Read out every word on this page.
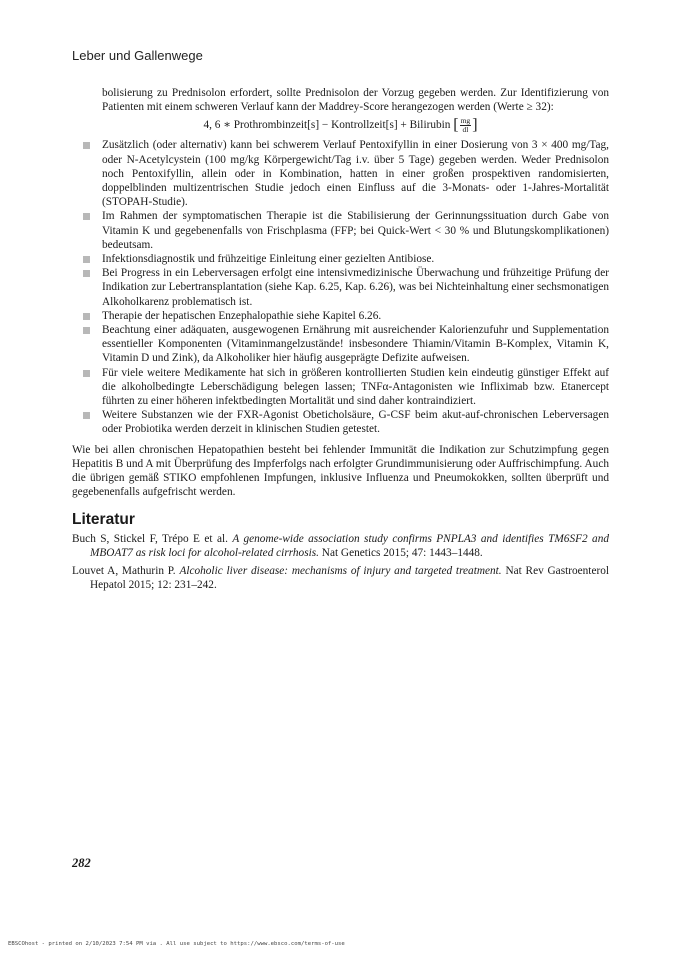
Leber und Gallenwege
bolisierung zu Prednisolon erfordert, sollte Prednisolon der Vorzug gegeben werden. Zur Identifizierung von Patienten mit einem schweren Verlauf kann der Maddrey-Score herangezogen werden (Werte ≥ 32):
4, 6 ∗ Prothrombinzeit[s] − Kontrollzeit[s] + Bilirubin [ $\frac{mg}{dl}$ ]
Zusätzlich (oder alternativ) kann bei schwerem Verlauf Pentoxifyllin in einer Dosierung von 3 × 400 mg/Tag, oder N-Acetylcystein (100 mg/kg Körpergewicht/Tag i.v. über 5 Tage) gegeben werden. Weder Prednisolon noch Pentoxifyllin, allein oder in Kombination, hatten in einer großen prospektiven randomisierten, doppelblinden multizentrischen Studie jedoch einen Einfluss auf die 3-Monats- oder 1-Jahres-Mortalität (STOPAH-Studie).
Im Rahmen der symptomatischen Therapie ist die Stabilisierung der Gerinnungssituation durch Gabe von Vitamin K und gegebenenfalls von Frischplasma (FFP; bei Quick-Wert < 30 % und Blutungskomplikationen) bedeutsam.
Infektionsdiagnostik und frühzeitige Einleitung einer gezielten Antibiose.
Bei Progress in ein Leberversagen erfolgt eine intensivmedizinische Überwachung und frühzeitige Prüfung der Indikation zur Lebertransplantation (siehe Kap. 6.25, Kap. 6.26), was bei Nichteinhaltung einer sechsmonatigen Alkoholkarenz problematisch ist.
Therapie der hepatischen Enzephalopathie siehe Kapitel 6.26.
Beachtung einer adäquaten, ausgewogenen Ernährung mit ausreichender Kalorienzufuhr und Supplementation essentieller Komponenten (Vitaminmangelzustände! insbesondere Thiamin/Vitamin B-Komplex, Vitamin K, Vitamin D und Zink), da Alkoholiker hier häufig ausgeprägte Defizite aufweisen.
Für viele weitere Medikamente hat sich in größeren kontrollierten Studien kein eindeutig günstiger Effekt auf die alkoholbedingte Leberschädigung belegen lassen; TNFα-Antagonisten wie Infliximab bzw. Etanercept führten zu einer höheren infektbedingten Mortalität und sind daher kontraindiziert.
Weitere Substanzen wie der FXR-Agonist Obeticholsäure, G-CSF beim akut-auf-chronischen Leberversagen oder Probiotika werden derzeit in klinischen Studien getestet.
Wie bei allen chronischen Hepatopathien besteht bei fehlender Immunität die Indikation zur Schutzimpfung gegen Hepatitis B und A mit Überprüfung des Impferfolgs nach erfolgter Grundimmunisierung oder Auffrischimpfung. Auch die übrigen gemäß STIKO empfohlenen Impfungen, inklusive Influenza und Pneumokokken, sollten überprüft und gegebenenfalls aufgefrischt werden.
Literatur
Buch S, Stickel F, Trépo E et al. A genome-wide association study confirms PNPLA3 and identifies TM6SF2 and MBOAT7 as risk loci for alcohol-related cirrhosis. Nat Genetics 2015; 47: 1443–1448.
Louvet A, Mathurin P. Alcoholic liver disease: mechanisms of injury and targeted treatment. Nat Rev Gastroenterol Hepatol 2015; 12: 231–242.
282
EBSCOhost - printed on 2/10/2023 7:54 PM via . All use subject to https://www.ebsco.com/terms-of-use
